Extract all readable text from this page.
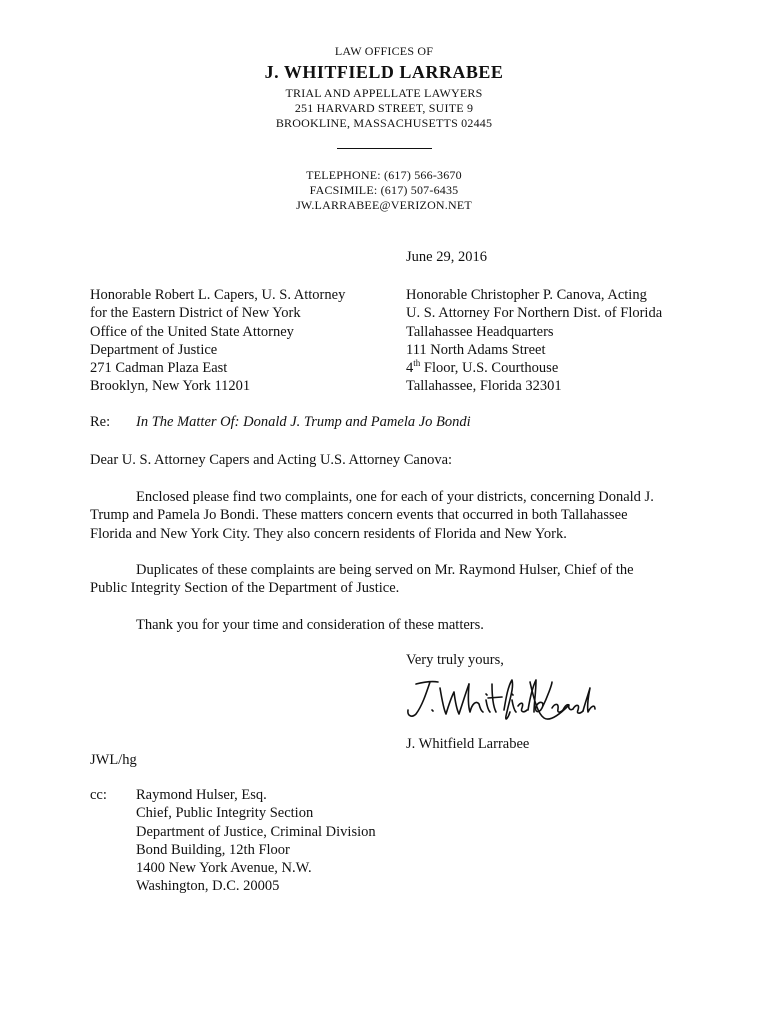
LAW OFFICES OF
J. WHITFIELD LARRABEE
TRIAL AND APPELLATE LAWYERS
251 HARVARD STREET, SUITE 9
BROOKLINE, MASSACHUSETTS 02445
TELEPHONE: (617) 566-3670
FACSIMILE: (617) 507-6435
JW.LARRABEE@VERIZON.NET
June 29, 2016
Honorable Robert L. Capers, U. S. Attorney
for the Eastern District of New York
Office of the United State Attorney
Department of Justice
271 Cadman Plaza East
Brooklyn, New York 11201
Honorable Christopher P. Canova, Acting
U. S. Attorney For Northern Dist. of Florida
Tallahassee Headquarters
111 North Adams Street
4th Floor, U.S. Courthouse
Tallahassee, Florida 32301
Re: In The Matter Of: Donald J. Trump and Pamela Jo Bondi
Dear U. S. Attorney Capers and Acting U.S. Attorney Canova:
Enclosed please find two complaints, one for each of your districts, concerning Donald J.
Trump and Pamela Jo Bondi. These matters concern events that occurred in both Tallahassee
Florida and New York City. They also concern residents of Florida and New York.
Duplicates of these complaints are being served on Mr. Raymond Hulser, Chief of the
Public Integrity Section of the Department of Justice.
Thank you for your time and consideration of these matters.
Very truly yours,
J. Whitfield Larrabee
JWL/hg
cc: Raymond Hulser, Esq.
Chief, Public Integrity Section
Department of Justice, Criminal Division
Bond Building, 12th Floor
1400 New York Avenue, N.W.
Washington, D.C. 20005
